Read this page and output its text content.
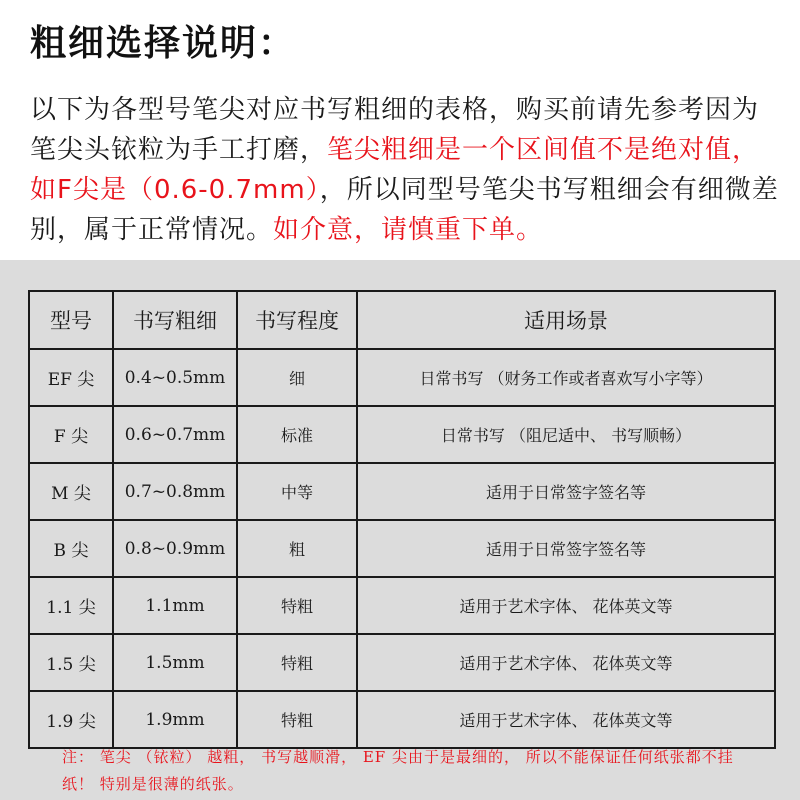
粗细选择说明：

以下为各型号笔尖对应书写粗细的表格，购买前请先参考因为笔尖头铱粒为手工打磨，笔尖粗细是一个区间值不是绝对值，如F尖是（0.6-0.7mm），所以同型号笔尖书写粗细会有细微差别，属于正常情况。如介意，请慎重下单。

型号	书写粗细	书写程度	适用场景
EF 尖	0.4~0.5mm	细	日常书写 （财务工作或者喜欢写小字等）
F 尖	0.6~0.7mm	标准	日常书写 （阻尼适中、 书写顺畅）
M 尖	0.7~0.8mm	中等	适用于日常签字签名等
B 尖	0.8~0.9mm	粗	适用于日常签字签名等
1.1 尖	1.1mm	特粗	适用于艺术字体、 花体英文等
1.5 尖	1.5mm	特粗	适用于艺术字体、 花体英文等
1.9 尖	1.9mm	特粗	适用于艺术字体、 花体英文等

注： 笔尖 （铱粒） 越粗， 书写越顺滑， EF 尖由于是最细的， 所以不能保证任何纸张都不挂纸！ 特别是很薄的纸张。
